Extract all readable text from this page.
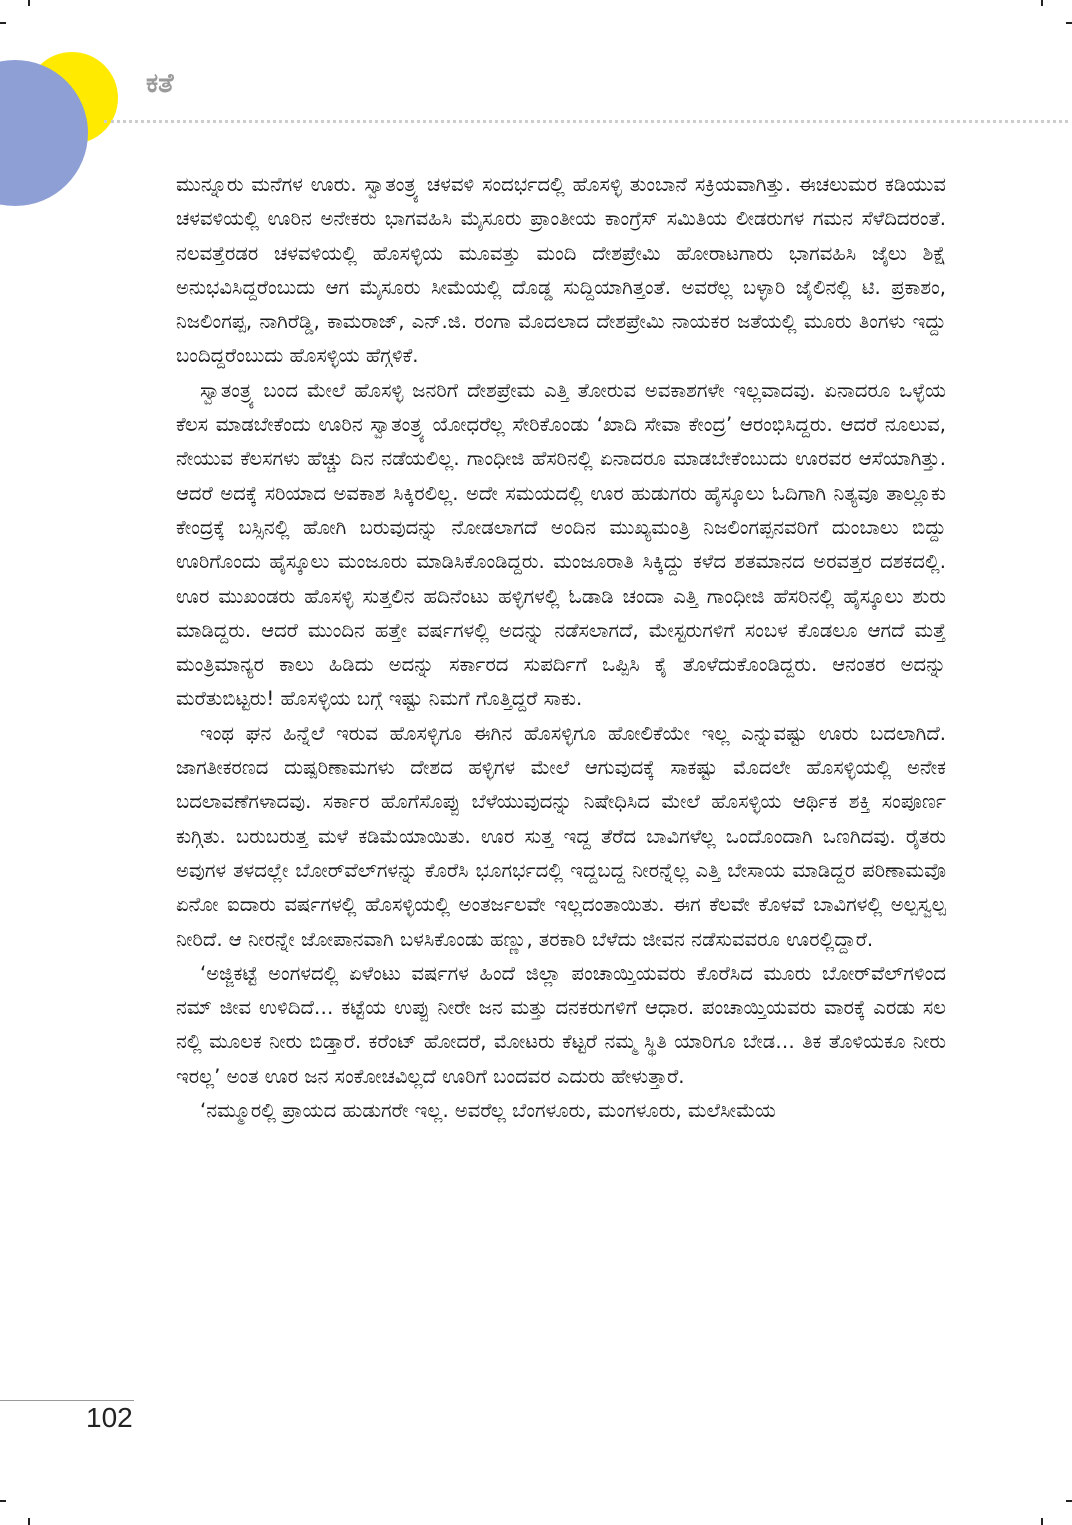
ಕತೆ

ಮುನ್ನೂರು ಮನೆಗಳ ಊರು. ಸ್ವಾತಂತ್ರ್ಯ ಚಳವಳಿ ಸಂದರ್ಭದಲ್ಲಿ ಹೊಸಳ್ಳಿ ತುಂಬಾನೆ ಸಕ್ರಿಯವಾಗಿತ್ತು. ಈಚಲುಮರ ಕಡಿಯುವ ಚಳವಳಿಯಲ್ಲಿ ಊರಿನ ಅನೇಕರು ಭಾಗವಹಿಸಿ ಮೈಸೂರು ಪ್ರಾಂತೀಯ ಕಾಂಗ್ರೆಸ್ ಸಮಿತಿಯ ಲೀಡರುಗಳ ಗಮನ ಸೆಳೆದಿದರಂತೆ. ನಲವತ್ತೆರಡರ ಚಳವಳಿಯಲ್ಲಿ ಹೊಸಳ್ಳಿಯ ಮೂವತ್ತು ಮಂದಿ ದೇಶಪ್ರೇಮಿ ಹೋರಾಟಗಾರು ಭಾಗವಹಿಸಿ ಜೈಲು ಶಿಕ್ಷೆ ಅನುಭವಿಸಿದ್ದರೆಂಬುದು ಆಗ ಮೈಸೂರು ಸೀಮೆಯಲ್ಲಿ ದೊಡ್ಡ ಸುದ್ದಿಯಾಗಿತ್ತಂತೆ. ಅವರೆಲ್ಲ ಬಳ್ಳಾರಿ ಜೈಲಿನಲ್ಲಿ ಟಿ. ಪ್ರಕಾಶಂ, ನಿಜಲಿಂಗಪ್ಪ, ನಾಗಿರೆಡ್ಡಿ, ಕಾಮರಾಜ್, ಎನ್.ಜಿ. ರಂಗಾ ಮೊದಲಾದ ದೇಶಪ್ರೇಮಿ ನಾಯಕರ ಜತೆಯಲ್ಲಿ ಮೂರು ತಿಂಗಳು ಇದ್ದು ಬಂದಿದ್ದರೆಂಬುದು ಹೊಸಳ್ಳಿಯ ಹೆಗ್ಗಳಿಕೆ.

ಸ್ವಾತಂತ್ರ್ಯ ಬಂದ ಮೇಲೆ ಹೊಸಳ್ಳಿ ಜನರಿಗೆ ದೇಶಪ್ರೇಮ ಎತ್ತಿ ತೋರುವ ಅವಕಾಶಗಳೇ ಇಲ್ಲವಾದವು. ಏನಾದರೂ ಒಳ್ಳೆಯ ಕೆಲಸ ಮಾಡಬೇಕೆಂದು ಊರಿನ ಸ್ವಾತಂತ್ರ್ಯ ಯೋಧರೆಲ್ಲ ಸೇರಿಕೊಂಡು ‘ಖಾದಿ ಸೇವಾ ಕೇಂದ್ರ’ ಆರಂಭಿಸಿದ್ದರು. ಆದರೆ ನೂಲುವ, ನೇಯುವ ಕೆಲಸಗಳು ಹೆಚ್ಚು ದಿನ ನಡೆಯಲಿಲ್ಲ. ಗಾಂಧೀಜಿ ಹೆಸರಿನಲ್ಲಿ ಏನಾದರೂ ಮಾಡಬೇಕೆಂಬುದು ಊರವರ ಆಸೆಯಾಗಿತ್ತು. ಆದರೆ ಅದಕ್ಕೆ ಸರಿಯಾದ ಅವಕಾಶ ಸಿಕ್ಕಿರಲಿಲ್ಲ. ಅದೇ ಸಮಯದಲ್ಲಿ ಊರ ಹುಡುಗರು ಹೈಸ್ಕೂಲು ಓದಿಗಾಗಿ ನಿತ್ಯವೂ ತಾಲ್ಲೂಕು ಕೇಂದ್ರಕ್ಕೆ ಬಸ್ಸಿನಲ್ಲಿ ಹೋಗಿ ಬರುವುದನ್ನು ನೋಡಲಾಗದೆ ಅಂದಿನ ಮುಖ್ಯಮಂತ್ರಿ ನಿಜಲಿಂಗಪ್ಪನವರಿಗೆ ದುಂಬಾಲು ಬಿದ್ದು ಊರಿಗೊಂದು ಹೈಸ್ಕೂಲು ಮಂಜೂರು ಮಾಡಿಸಿಕೊಂಡಿದ್ದರು. ಮಂಜೂರಾತಿ ಸಿಕ್ಕಿದ್ದು ಕಳೆದ ಶತಮಾನದ ಅರವತ್ತರ ದಶಕದಲ್ಲಿ. ಊರ ಮುಖಂಡರು ಹೊಸಳ್ಳಿ ಸುತ್ತಲಿನ ಹದಿನೆಂಟು ಹಳ್ಳಿಗಳಲ್ಲಿ ಓಡಾಡಿ ಚಂದಾ ಎತ್ತಿ ಗಾಂಧೀಜಿ ಹೆಸರಿನಲ್ಲಿ ಹೈಸ್ಕೂಲು ಶುರು ಮಾಡಿದ್ದರು. ಆದರೆ ಮುಂದಿನ ಹತ್ತೇ ವರ್ಷಗಳಲ್ಲಿ ಅದನ್ನು ನಡೆಸಲಾಗದೆ, ಮೇಸ್ಟರುಗಳಿಗೆ ಸಂಬಳ ಕೊಡಲೂ ಆಗದೆ ಮತ್ತೆ ಮಂತ್ರಿಮಾನ್ಯರ ಕಾಲು ಹಿಡಿದು ಅದನ್ನು ಸರ್ಕಾರದ ಸುಪರ್ದಿಗೆ ಒಪ್ಪಿಸಿ ಕೈ ತೊಳೆದುಕೊಂಡಿದ್ದರು. ಆನಂತರ ಅದನ್ನು ಮರೆತುಬಿಟ್ಟರು! ಹೊಸಳ್ಳಿಯ ಬಗ್ಗೆ ಇಷ್ಟು ನಿಮಗೆ ಗೊತ್ತಿದ್ದರೆ ಸಾಕು.

ಇಂಥ ಘನ ಹಿನ್ನೆಲೆ ಇರುವ ಹೊಸಳ್ಳಿಗೂ ಈಗಿನ ಹೊಸಳ್ಳಿಗೂ ಹೋಲಿಕೆಯೇ ಇಲ್ಲ ಎನ್ನುವಷ್ಟು ಊರು ಬದಲಾಗಿದೆ. ಜಾಗತೀಕರಣದ ದುಷ್ಪರಿಣಾಮಗಳು ದೇಶದ ಹಳ್ಳಿಗಳ ಮೇಲೆ ಆಗುವುದಕ್ಕೆ ಸಾಕಷ್ಟು ಮೊದಲೇ ಹೊಸಳ್ಳಿಯಲ್ಲಿ ಅನೇಕ ಬದಲಾವಣೆಗಳಾದವು. ಸರ್ಕಾರ ಹೊಗೆಸೊಪ್ಪು ಬೆಳೆಯುವುದನ್ನು ನಿಷೇಧಿಸಿದ ಮೇಲೆ ಹೊಸಳ್ಳಿಯ ಆರ್ಥಿಕ ಶಕ್ತಿ ಸಂಪೂರ್ಣ ಕುಗ್ಗಿತು. ಬರುಬರುತ್ತ ಮಳೆ ಕಡಿಮೆಯಾಯಿತು. ಊರ ಸುತ್ತ ಇದ್ದ ತೆರೆದ ಬಾವಿಗಳೆಲ್ಲ ಒಂದೊಂದಾಗಿ ಒಣಗಿದವು. ರೈತರು ಅವುಗಳ ತಳದಲ್ಲೇ ಬೋರ್‌ವೆಲ್‌ಗಳನ್ನು ಕೊರೆಸಿ ಭೂಗರ್ಭದಲ್ಲಿ ಇದ್ದಬದ್ದ ನೀರನ್ನೆಲ್ಲ ಎತ್ತಿ ಬೇಸಾಯ ಮಾಡಿದ್ದರ ಪರಿಣಾಮವೊ ಏನೋ ಐದಾರು ವರ್ಷಗಳಲ್ಲಿ ಹೊಸಳ್ಳಿಯಲ್ಲಿ ಅಂತರ್ಜಲವೇ ಇಲ್ಲದಂತಾಯಿತು. ಈಗ ಕೆಲವೇ ಕೊಳವೆ ಬಾವಿಗಳಲ್ಲಿ ಅಲ್ಪಸ್ವಲ್ಪ ನೀರಿದೆ. ಆ ನೀರನ್ನೇ ಜೋಪಾನವಾಗಿ ಬಳಸಿಕೊಂಡು ಹಣ್ಣು, ತರಕಾರಿ ಬೆಳೆದು ಜೀವನ ನಡೆಸುವವರೂ ಊರಲ್ಲಿದ್ದಾರೆ.

‘ಅಜ್ಜಿಕಟ್ಟೆ ಅಂಗಳದಲ್ಲಿ ಏಳೆಂಟು ವರ್ಷಗಳ ಹಿಂದೆ ಜಿಲ್ಲಾ ಪಂಚಾಯ್ತಿಯವರು ಕೊರೆಸಿದ ಮೂರು ಬೋರ್‌ವೆಲ್‌ಗಳಿಂದ ನಮ್ ಜೀವ ಉಳಿದಿದೆ… ಕಟ್ಟೆಯ ಉಪ್ಪು ನೀರೇ ಜನ ಮತ್ತು ದನಕರುಗಳಿಗೆ ಆಧಾರ. ಪಂಚಾಯ್ತಿಯವರು ವಾರಕ್ಕೆ ಎರಡು ಸಲ ನಲ್ಲಿ ಮೂಲಕ ನೀರು ಬಿಡ್ತಾರೆ. ಕರೆಂಟ್ ಹೋದರೆ, ಮೋಟರು ಕೆಟ್ಟರೆ ನಮ್ಮ ಸ್ಥಿತಿ ಯಾರಿಗೂ ಬೇಡ… ತಿಕ ತೊಳಿಯಕೂ ನೀರು ಇರಲ್ಲ’ ಅಂತ ಊರ ಜನ ಸಂಕೋಚವಿಲ್ಲದೆ ಊರಿಗೆ ಬಂದವರ ಎದುರು ಹೇಳುತ್ತಾರೆ.

‘ನಮ್ಮೂರಲ್ಲಿ ಪ್ರಾಯದ ಹುಡುಗರೇ ಇಲ್ಲ. ಅವರೆಲ್ಲ ಬೆಂಗಳೂರು, ಮಂಗಳೂರು, ಮಲೆಸೀಮೆಯ

102
